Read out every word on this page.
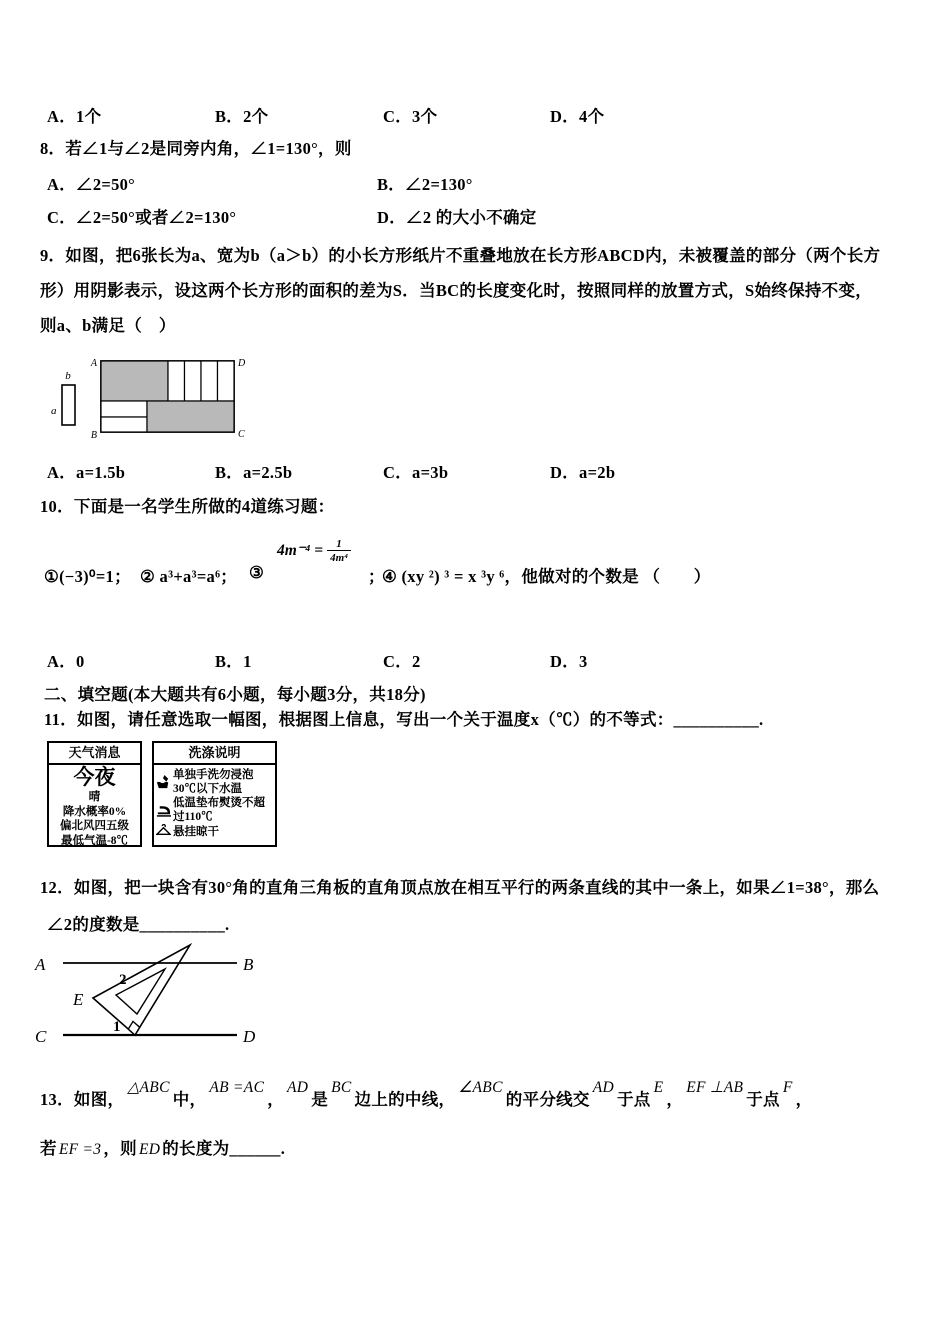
A．1个	B．2个	C．3个	D．4个
8．若∠1与∠2是同旁内角，∠1=130°，则
A．∠2=50°	B．∠2=130°
C．∠2=50°或者∠2=130°	D．∠2 的大小不确定
9．如图，把6张长为a、宽为b（a＞b）的小长方形纸片不重叠地放在长方形ABCD内，未被覆盖的部分（两个长方
形）用阴影表示，设这两个长方形的面积的差为S．当BC的长度变化时，按照同样的放置方式，S始终保持不变，
则a、b满足（　）
b
a
A	D
B	C
A．a=1.5b	B．a=2.5b	C．a=3b	D．a=2b
10．下面是一名学生所做的4道练习题：
①(−3)⁰=1； ② a³+a³=a⁶； ③
$4m^{-4} = \frac{1}{\text{4m⁴}}$
；
④ (xy ²) ³ = x ³y ⁶，他做对的个数是 （　　）
A．0	B．1	C．2	D．3
二、填空题(本大题共有6小题，每小题3分，共18分)
11．如图，请任意选取一幅图，根据图上信息，写出一个关于温度x（℃）的不等式：__________.
天气消息
今夜
晴
降水概率0%
偏北风四五级
最低气温-8℃
洗涤说明
单独手洗勿浸泡
30℃以下水温
低温垫布熨烫不超
过110℃
悬挂晾干
12．如图，把一块含有30°角的直角三角板的直角顶点放在相互平行的两条直线的其中一条上，如果∠1=38°，那么
∠2的度数是__________.
A	B
C	D
E
2
1
13．如图，△ABC中，AB =AC，AD是BC边上的中线，∠ABC的平分线交AD于点E，EF ⊥AB于点F，
若 EF =3 ，则 ED 的长度为______.
